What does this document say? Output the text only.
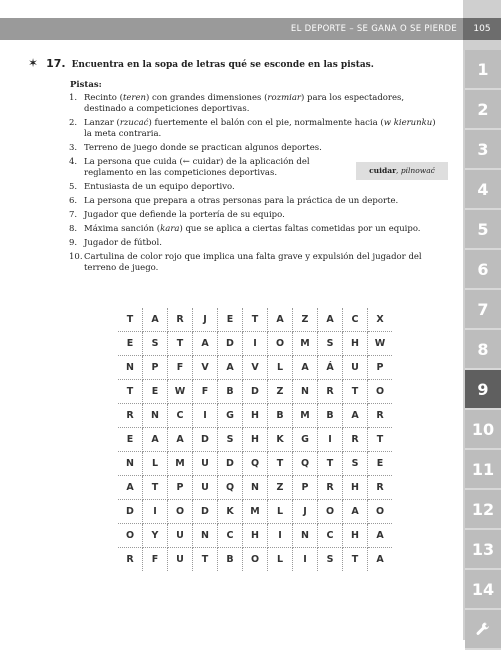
EL DEPORTE – SE GANA O SE PIERDE	105
1
2
3
4
5
6
7
8
9
10
11
12
13
14
✶ 17. Encuentra en la sopa de letras qué se esconde en las pistas.
Pistas:
1. Recinto (teren) con grandes dimensiones (rozmiar) para los espectadores, destinado a competiciones deportivas.
2. Lanzar (rzucać) fuertemente el balón con el pie, normalmente hacia (w kierunku) la meta contraria.
3. Terreno de juego donde se practican algunos deportes.
4. La persona que cuida (← cuidar) de la aplicación del reglamento en las competiciones deportivas.
5. Entusiasta de un equipo deportivo.
6. La persona que prepara a otras personas para la práctica de un deporte.
7. Jugador que defiende la portería de su equipo.
8. Máxima sanción (kara) que se aplica a ciertas faltas cometidas por un equipo.
9. Jugador de fútbol.
10. Cartulina de color rojo que implica una falta grave y expulsión del jugador del terreno de juego.
cuidar, pilnować
T	A	R	J	E	T	A	Z	A	C	X
E	S	T	A	D	I	O	M	S	H	W
N	P	F	V	A	V	L	A	Á	U	P
T	E	W	F	B	D	Z	N	R	T	O
R	N	C	I	G	H	B	M	B	A	R
E	A	A	D	S	H	K	G	I	R	T
N	L	M	U	D	Q	T	Q	T	S	E
A	T	P	U	Q	N	Z	P	R	H	R
D	I	O	D	K	M	L	J	O	A	O
O	Y	U	N	C	H	I	N	C	H	A
R	F	U	T	B	O	L	I	S	T	A
